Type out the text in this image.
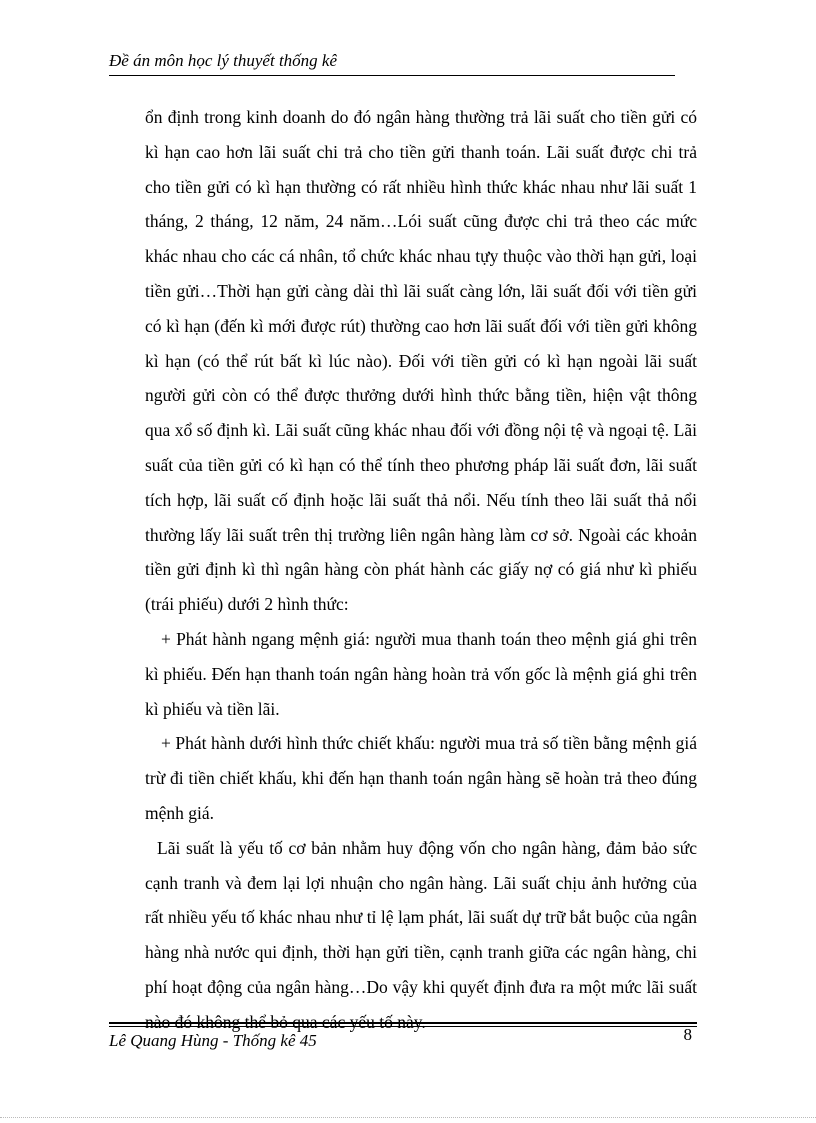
Đề án môn học lý thuyết thống kê

ổn định trong kinh doanh do đó ngân hàng thường trả lãi suất cho tiền gửi có kì hạn cao hơn lãi suất chi trả cho tiền gửi thanh toán. Lãi suất được chi trả cho tiền gửi có kì hạn thường có rất nhiều hình thức khác nhau như lãi suất 1 tháng, 2 tháng, 12 năm, 24 năm…Lói suất cũng được chi trả theo các mức khác nhau cho các cá nhân, tổ chức khác nhau tựy thuộc vào thời hạn gửi, loại tiền gửi…Thời hạn gửi càng dài thì lãi suất càng lớn, lãi suất đối với tiền gửi có kì hạn (đến kì mới được rút) thường cao hơn lãi suất đối với tiền gửi không kì hạn (có thể rút bất kì lúc nào). Đối với tiền gửi có kì hạn ngoài lãi suất người gửi còn có thể được thưởng dưới hình thức bằng tiền, hiện vật thông qua xổ số định kì. Lãi suất cũng khác nhau đối với đồng nội tệ và ngoại tệ. Lãi suất của tiền gửi có kì hạn có thể tính theo phương pháp lãi suất đơn, lãi suất tích hợp, lãi suất cố định hoặc lãi suất thả nổi. Nếu tính theo lãi suất thả nổi thường lấy lãi suất trên thị trường liên ngân hàng làm cơ sở. Ngoài các khoản tiền gửi định kì thì ngân hàng còn phát hành các giấy nợ có giá như kì phiếu (trái phiếu) dưới 2 hình thức:

+ Phát hành ngang mệnh giá: người mua thanh toán theo mệnh giá ghi trên kì phiếu. Đến hạn thanh toán ngân hàng hoàn trả vốn gốc là mệnh giá ghi trên kì phiếu và tiền lãi.

+ Phát hành dưới hình thức chiết khấu: người mua trả số tiền bằng mệnh giá trừ đi tiền chiết khấu, khi đến hạn thanh toán ngân hàng sẽ hoàn trả theo đúng mệnh giá.

Lãi suất là yếu tố cơ bản nhằm huy động vốn cho ngân hàng, đảm bảo sức cạnh tranh và đem lại lợi nhuận cho ngân hàng. Lãi suất chịu ảnh hưởng của rất nhiều yếu tố khác nhau như tỉ lệ lạm phát, lãi suất dự trữ bắt buộc của ngân hàng nhà nước qui định, thời hạn gửi tiền, cạnh tranh giữa các ngân hàng, chi phí hoạt động của ngân hàng…Do vậy khi quyết định đưa ra một mức lãi suất nào đó không thể bỏ qua các yếu tố này.

Lê Quang Hùng - Thống kê 45	8
